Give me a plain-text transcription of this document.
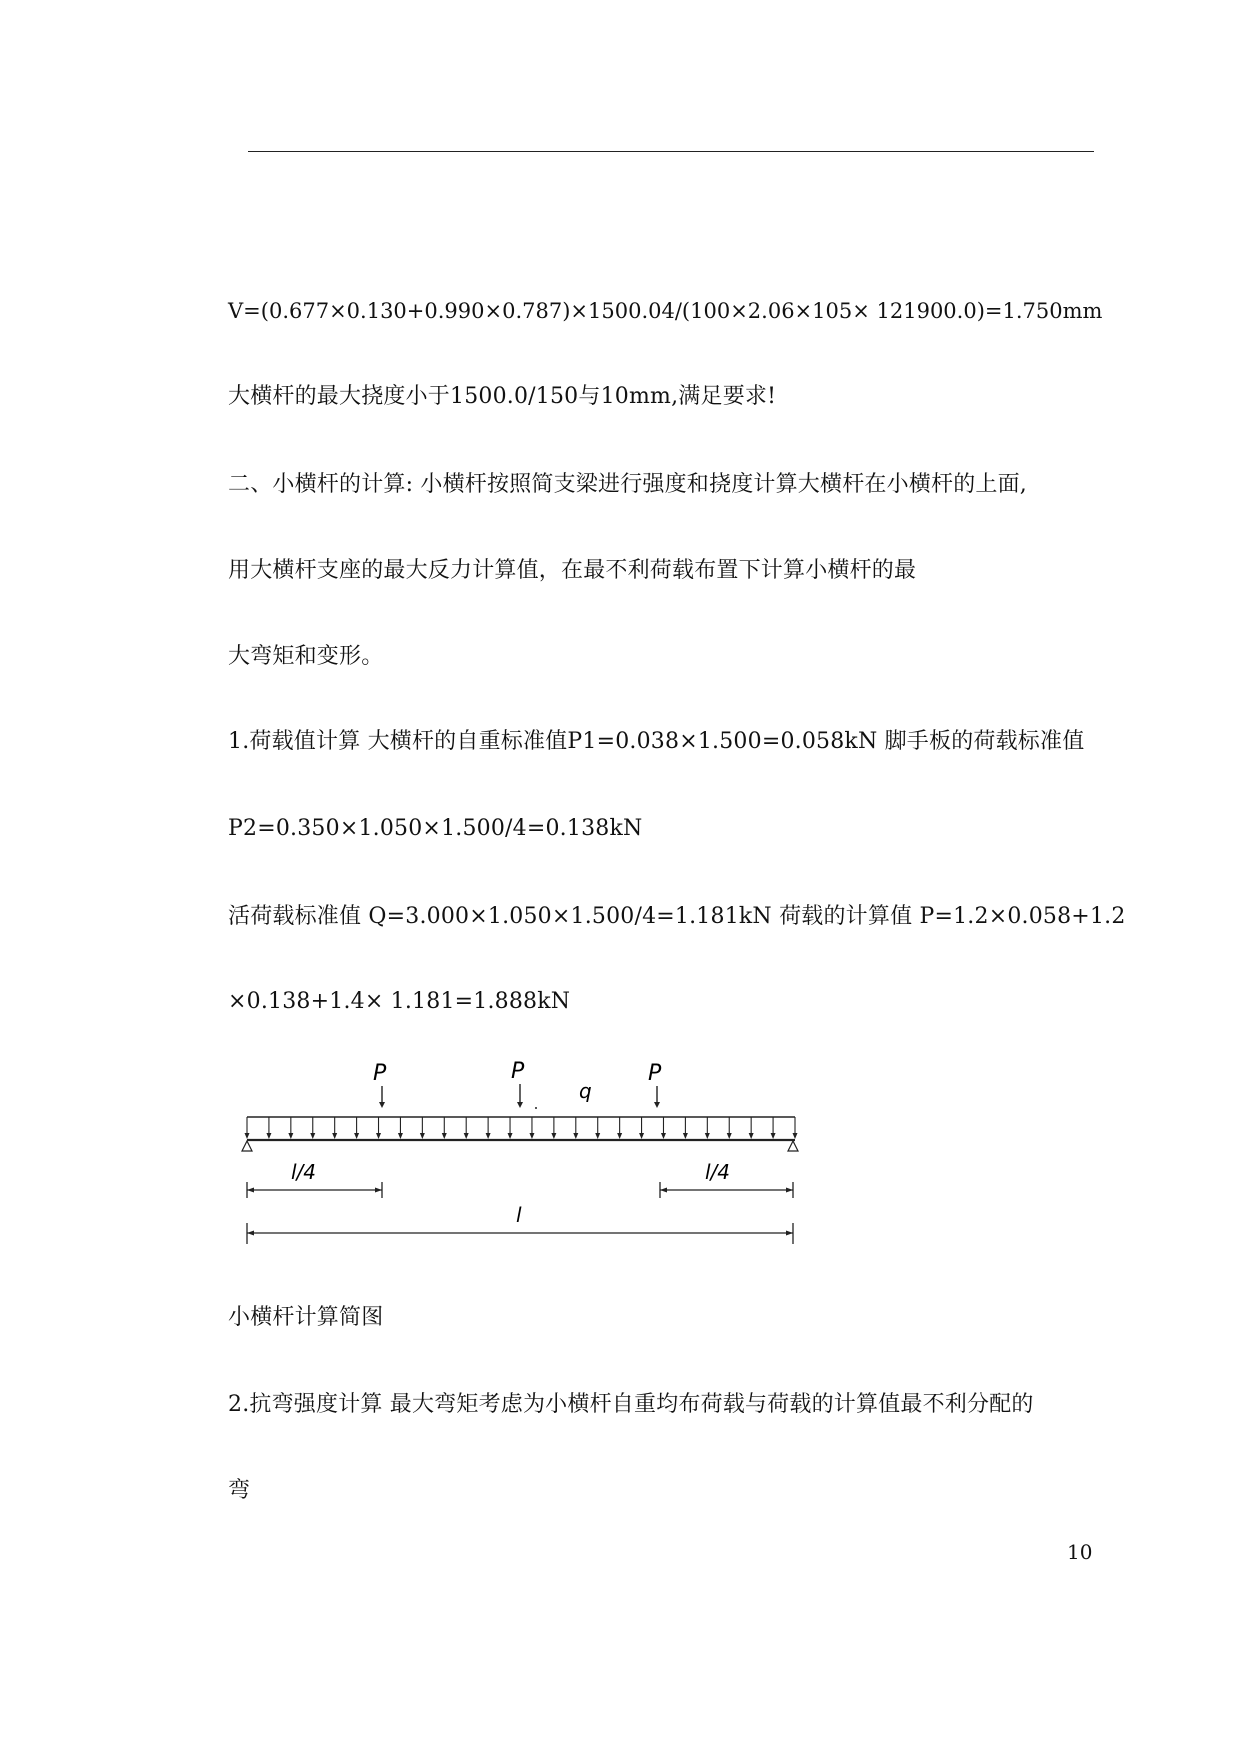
V=(0.677×0.130+0.990×0.787)×1500.04/(100×2.06×105× 121900.0)=1.750mm
大横杆的最大挠度小于1500.0/150与10mm,满足要求!
二、小横杆的计算: 小横杆按照简支梁进行强度和挠度计算大横杆在小横杆的上面,
用大横杆支座的最大反力计算值，在最不利荷载布置下计算小横杆的最
大弯矩和变形。
1.荷载值计算 大横杆的自重标准值P1=0.038×1.500=0.058kN 脚手板的荷载标准值
P2=0.350×1.050×1.500/4=0.138kN
活荷载标准值 Q=3.000×1.050×1.500/4=1.181kN 荷载的计算值 P=1.2×0.058+1.2
×0.138+1.4× 1.181=1.888kN
P	P	P
q
l/4	l/4
l
小横杆计算简图
2.抗弯强度计算 最大弯矩考虑为小横杆自重均布荷载与荷载的计算值最不利分配的
弯
10
